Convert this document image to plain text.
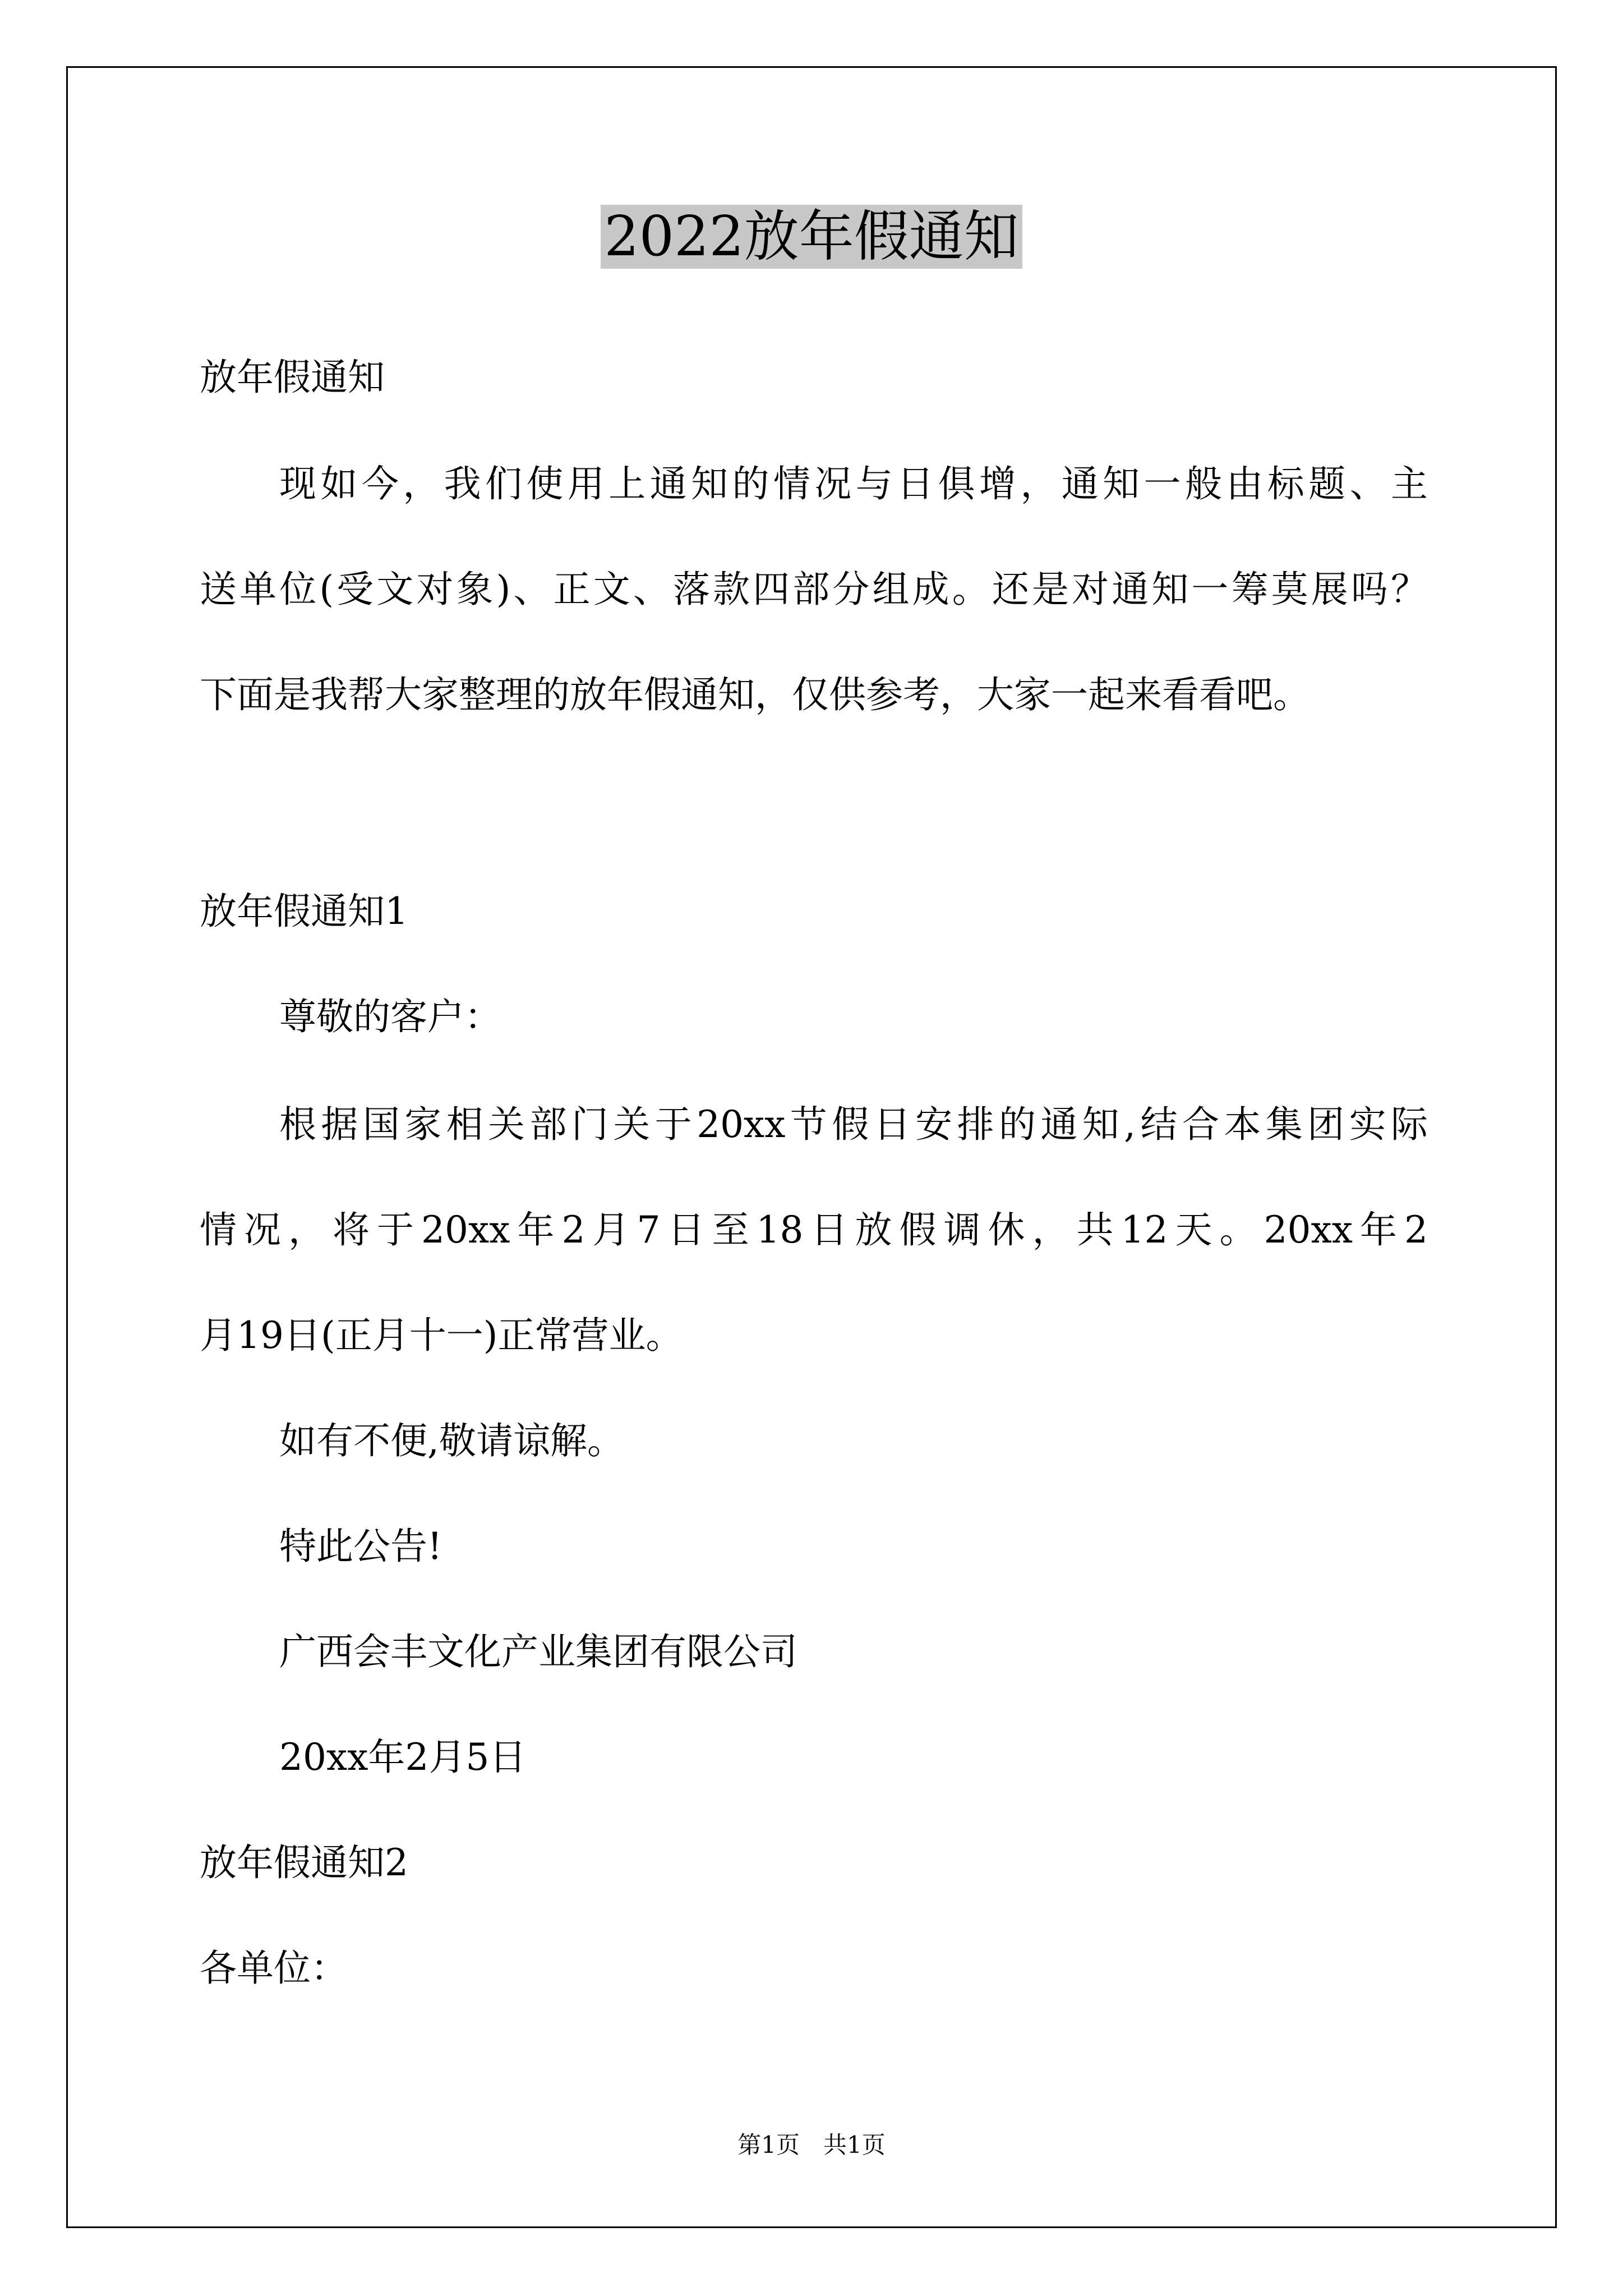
2022放年假通知
放年假通知
现如今，我们使用上通知的情况与日俱增，通知一般由标题、主
送单位(受文对象)、正文、落款四部分组成。还是对通知一筹莫展吗？
下面是我帮大家整理的放年假通知，仅供参考，大家一起来看看吧。
放年假通知1
尊敬的客户：
根据国家相关部门关于20xx节假日安排的通知,结合本集团实际
情况，将于20xx年2月7日至18日放假调休，共12天。20xx年2
月19日(正月十一)正常营业。
如有不便,敬请谅解。
特此公告!
广西会丰文化产业集团有限公司
20xx年2月5日
放年假通知2
各单位：
第1页　共1页
